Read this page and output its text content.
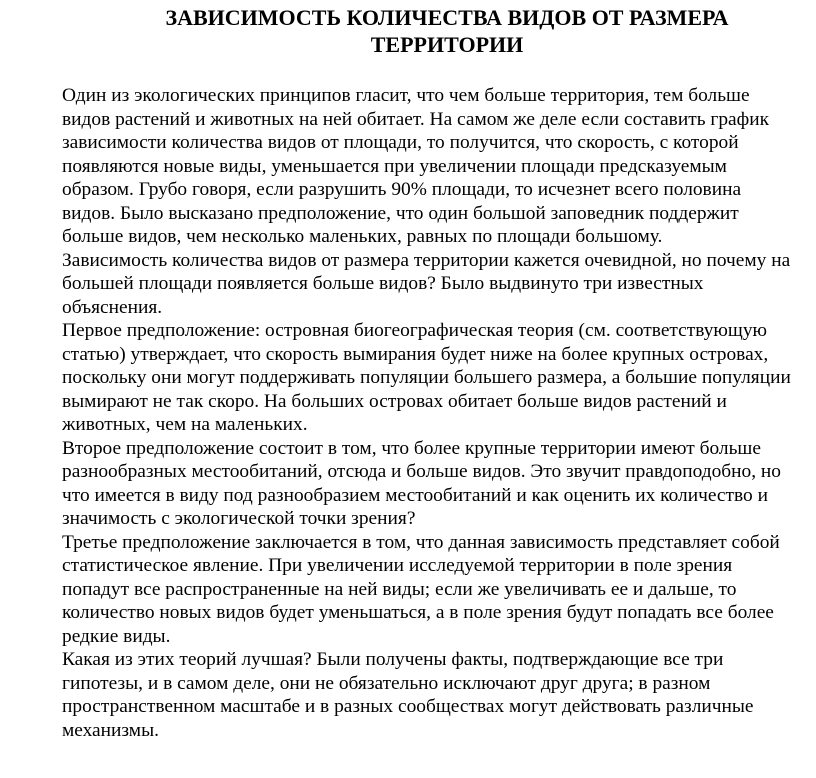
ЗАВИСИМОСТЬ КОЛИЧЕСТВА ВИДОВ ОТ РАЗМЕРА
ТЕРРИТОРИИ

Один из экологических принципов гласит, что чем больше территория, тем больше видов растений и животных на ней обитает. На самом же деле если составить график зависимости количества видов от площади, то получится, что скорость, с которой появляются новые виды, уменьшается при увеличении площади предсказуемым образом. Грубо говоря, если разрушить 90% площади, то исчезнет всего половина видов. Было высказано предположение, что один большой заповедник поддержит больше видов, чем несколько маленьких, равных по площади большому.

Зависимость количества видов от размера территории кажется очевидной, но почему на большей площади появляется больше видов? Было выдвинуто три известных объяснения.

Первое предположение: островная биогеографическая теория (см. соответствующую статью) утверждает, что скорость вымирания будет ниже на более крупных островах, поскольку они могут поддерживать популяции большего размера, а большие популяции вымирают не так скоро. На больших островах обитает больше видов растений и животных, чем на маленьких.

Второе предположение состоит в том, что более крупные территории имеют больше разнообразных местообитаний, отсюда и больше видов. Это звучит правдоподобно, но что имеется в виду под разнообразием местообитаний и как оценить их количество и значимость с экологической точки зрения?

Третье предположение заключается в том, что данная зависимость представляет собой статистическое явление. При увеличении исследуемой территории в поле зрения попадут все распространенные на ней виды; если же увеличивать ее и дальше, то количество новых видов будет уменьшаться, а в поле зрения будут попадать все более редкие виды.

Какая из этих теорий лучшая? Были получены факты, подтверждающие все три гипотезы, и в самом деле, они не обязательно исключают друг друга; в разном пространственном масштабе и в разных сообществах могут действовать различные механизмы.
